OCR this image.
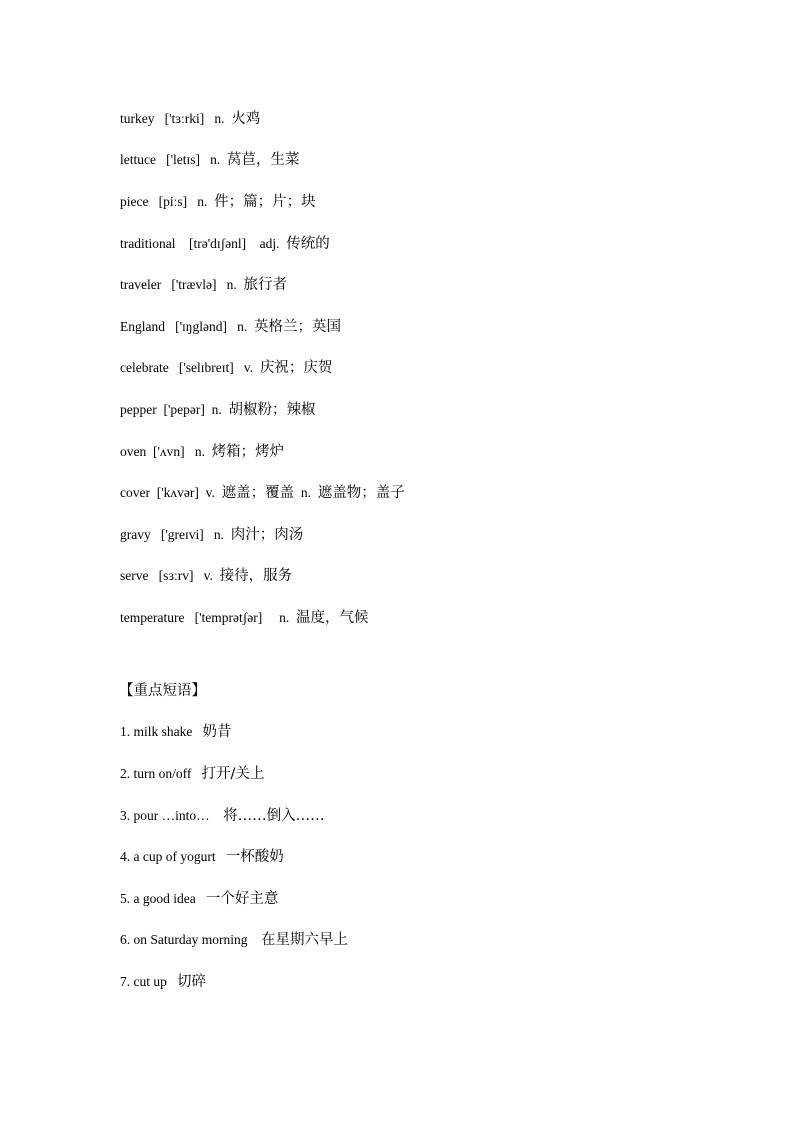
turkey ['tɜːrki] n. 火鸡
lettuce ['letɪs] n. 莴苣，生菜
piece [piːs] n. 件；篇；片；块
traditional [trə'dɪʃənl] adj. 传统的
traveler ['trævlə] n. 旅行者
England ['ɪŋglənd] n. 英格兰；英国
celebrate ['selɪbreɪt] v. 庆祝；庆贺
pepper ['pepər] n. 胡椒粉；辣椒
oven ['ʌvn] n. 烤箱；烤炉
cover ['kʌvər] v. 遮盖；覆盖 n. 遮盖物；盖子
gravy ['greɪvi] n. 肉汁；肉汤
serve [sɜːrv] v. 接待，服务
temperature ['temprətʃər] n. 温度，气候
【重点短语】
1. milk shake 奶昔
2. turn on/off 打开/关上
3. pour …into… 将……倒入……
4. a cup of yogurt 一杯酸奶
5. a good idea 一个好主意
6. on Saturday morning 在星期六早上
7. cut up 切碎
